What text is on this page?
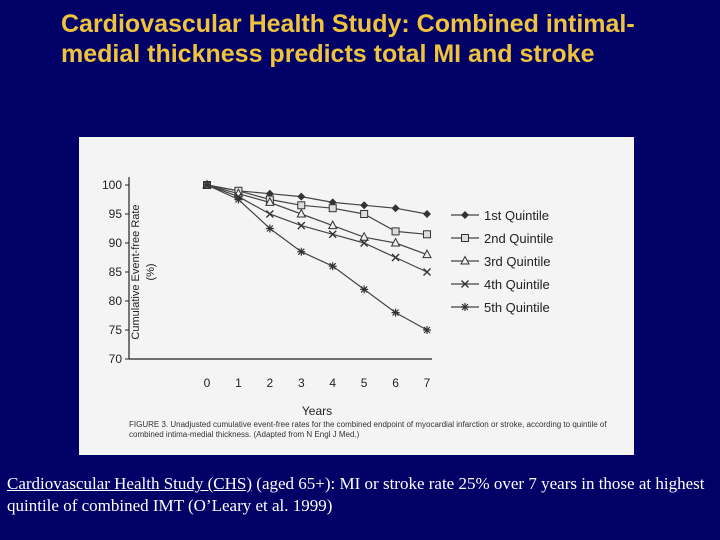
Cardiovascular Health Study: Combined intimal-medial thickness predicts total MI and stroke
100
95
90
85
80
75
70
0 1 2 3 4 5 6 7
Years
Cumulative Event-free Rate (%)
1st Quintile
2nd Quintile
3rd Quintile
4th Quintile
5th Quintile
FIGURE 3. Unadjusted cumulative event-free rates for the combined endpoint of myocardial infarction or stroke, according to quintile of combined intima-medial thickness. (Adapted from N Engl J Med.)
Cardiovascular Health Study (CHS) (aged 65+): MI or stroke rate 25% over 7 years in those at highest quintile of combined IMT (O’Leary et al. 1999)
